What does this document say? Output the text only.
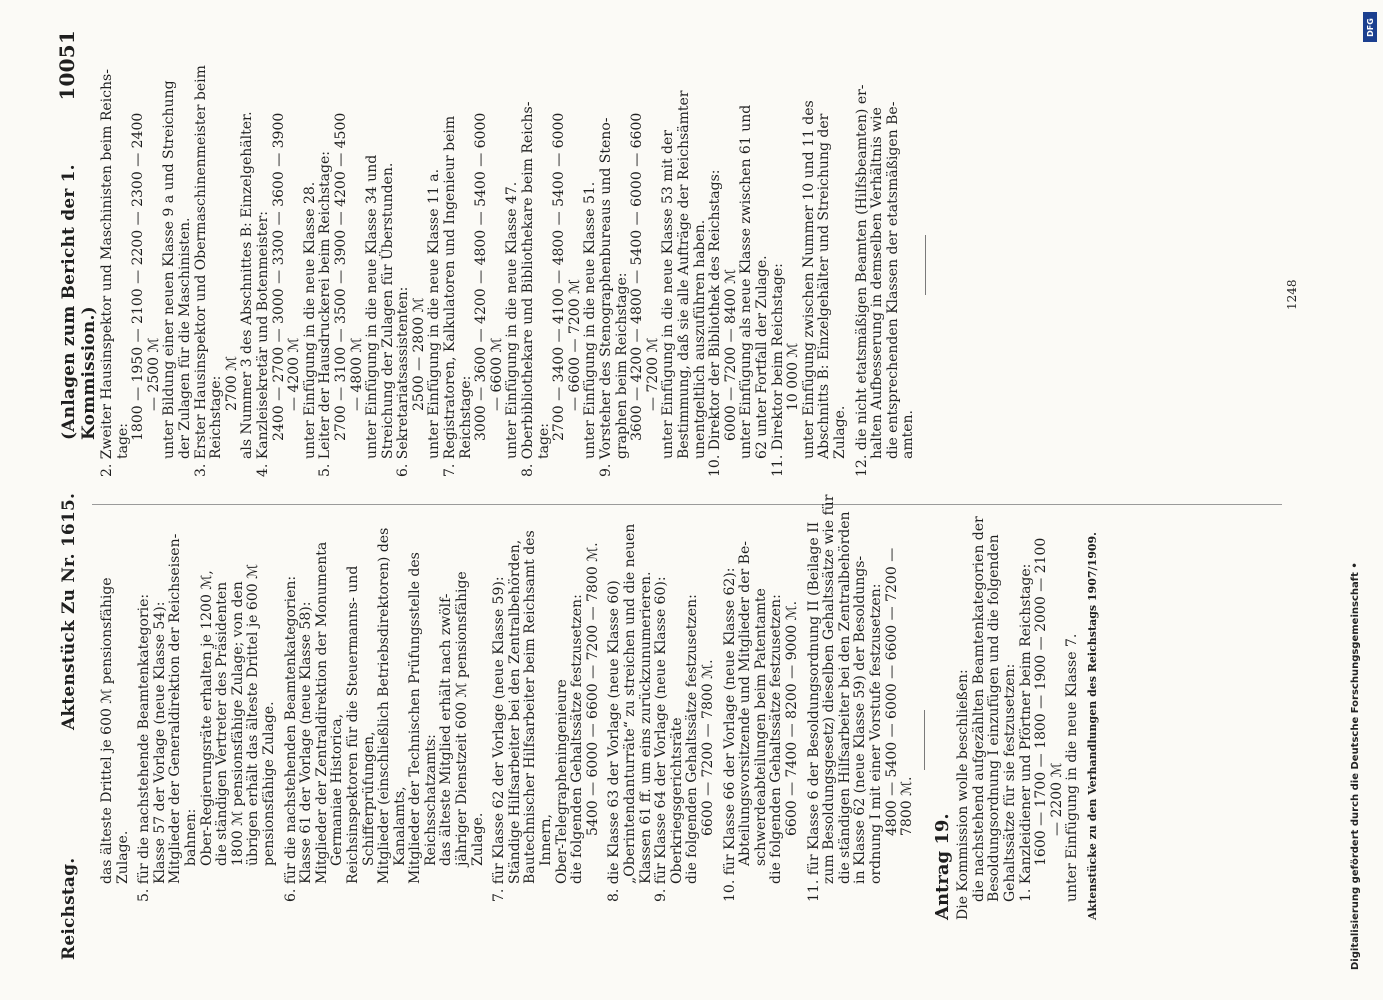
Reichstag.
Aktenstück Zu Nr. 1615.
(Anlagen zum Bericht der 1. Kommission.)
10051
das älteste Drittel je 600 ℳ pensionsfähige Zulage. 5. für die nachstehende Beamtenkategorie: Klasse 57 der Vorlage (neue Klasse 54): Mitglieder der Generaldirektion der Reichseisen- bahnen: Ober-Regierungsräte erhalten je 1200 ℳ, die ständigen Vertreter des Präsidenten 1800 ℳ pensionsfähige Zulage; von den übrigen erhält das älteste Drittel je 600 ℳ pensionsfähige Zulage. 6. für die nachstehenden Beamtenkategorien: Klasse 61 der Vorlage (neue Klasse 58): Mitglieder der Zentraldirektion der Monumenta Germaniae Historica, Reichsinspektoren für die Steuermanns- und Schifferprüfungen, Mitglieder (einschließlich Betriebsdirektoren) des Kanalamts, Mitglieder der Technischen Prüfungsstelle des Reichsschatzamts: das älteste Mitglied erhält nach zwölf- jähriger Dienstzeit 600 ℳ pensionsfähige Zulage. 7. für Klasse 62 der Vorlage (neue Klasse 59): Ständige Hilfsarbeiter bei den Zentralbehörden, Bautechnischer Hilfsarbeiter beim Reichsamt des Innern, Ober-Telegrapheningenieure die folgenden Gehaltssätze festzusetzen: 5400 — 6000 — 6600 — 7200 — 7800 ℳ. 8. die Klasse 63 der Vorlage (neue Klasse 60) „Oberintendanturräte“ zu streichen und die neuen Klassen 61 ff. um eins zurückzunumerieren. 9. für Klasse 64 der Vorlage (neue Klasse 60): Oberkriegsgerichtsräte die folgenden Gehaltssätze festzusetzen: 6600 — 7200 — 7800 ℳ. 10. für Klasse 66 der Vorlage (neue Klasse 62): Abteilungsvorsitzende und Mitglieder der Be- schwerdeabteilungen beim Patentamte die folgenden Gehaltssätze festzusetzen: 6600 — 7400 — 8200 — 9000 ℳ. 11. für Klasse 6 der Besoldungsordnung II (Beilage II zum Besoldungsgesetz) dieselben Gehaltssätze wie für die ständigen Hilfsarbeiter bei den Zentralbehörden in Klasse 62 (neue Klasse 59) der Besoldungs- ordnung I mit einer Vorstufe festzusetzen: 4800 — 5400 — 6000 — 6600 — 7200 — 7800 ℳ.
Antrag 19. Die Kommission wolle beschließen: die nachstehend aufgezählten Beamtenkategorien der Besoldungsordnung I einzufügen und die folgenden Gehaltssätze für sie festzusetzen: 1. Kanzleidiener und Pförtner beim Reichstage: 1600 — 1700 — 1800 — 1900 — 2000 — 2100 — 2200 ℳ unter Einfügung in die neue Klasse 7. Aktenstücke zu den Verhandlungen des Reichstags 1907/1909.
2. Zweiter Hausinspektor und Maschinisten beim Reichs- tage:
1800 — 1950 — 2100 — 2200 — 2300 — 2400 — 2500 ℳ unter Bildung einer neuen Klasse 9 a und Streichung der Zulagen für die Maschinisten. 3. Erster Hausinspektor und Obermaschinenmeister beim Reichstage: 2700 ℳ als Nummer 3 des Abschnittes B: Einzelgehälter. 4. Kanzleisekretär und Botenmeister: 2400 — 2700 — 3000 — 3300 — 3600 — 3900 — 4200 ℳ unter Einfügung in die neue Klasse 28. 5. Leiter der Hausdruckerei beim Reichstage: 2700 — 3100 — 3500 — 3900 — 4200 — 4500 — 4800 ℳ unter Einfügung in die neue Klasse 34 und Streichung der Zulagen für Überstunden. 6. Sekretariatsassistenten: 2500 — 2800 ℳ unter Einfügung in die neue Klasse 11 a. 7. Registratoren, Kalkulatoren und Ingenieur beim Reichstage: 3000 — 3600 — 4200 — 4800 — 5400 — 6000 — 6600 ℳ unter Einfügung in die neue Klasse 47. 8. Oberbibliothekare und Bibliothekare beim Reichs- tage:
2700 — 3400 — 4100 — 4800 — 5400 — 6000 — 6600 — 7200 ℳ unter Einfügung in die neue Klasse 51. 9. Vorsteher des Stenographenbureaus und Steno- graphen beim Reichstage: 3600 — 4200 — 4800 — 5400 — 6000 — 6600 — 7200 ℳ unter Einfügung in die neue Klasse 53 mit der Bestimmung, daß sie alle Aufträge der Reichsämter unentgeltlich auszuführen haben. 10. Direktor der Bibliothek des Reichstags: 6000 — 7200 — 8400 ℳ unter Einfügung als neue Klasse zwischen 61 und 62 unter Fortfall der Zulage. 11. Direktor beim Reichstage: 10 000 ℳ unter Einfügung zwischen Nummer 10 und 11 des Abschnitts B: Einzelgehälter und Streichung der Zulage. 12. die nicht etatsmäßigen Beamten (Hilfsbeamten) er- halten Aufbesserung in demselben Verhältnis wie die entsprechenden Klassen der etatsmäßigen Be- amten.
1248
DFG
Digitalisierung gefördert durch die Deutsche Forschungsgemeinschaft •
